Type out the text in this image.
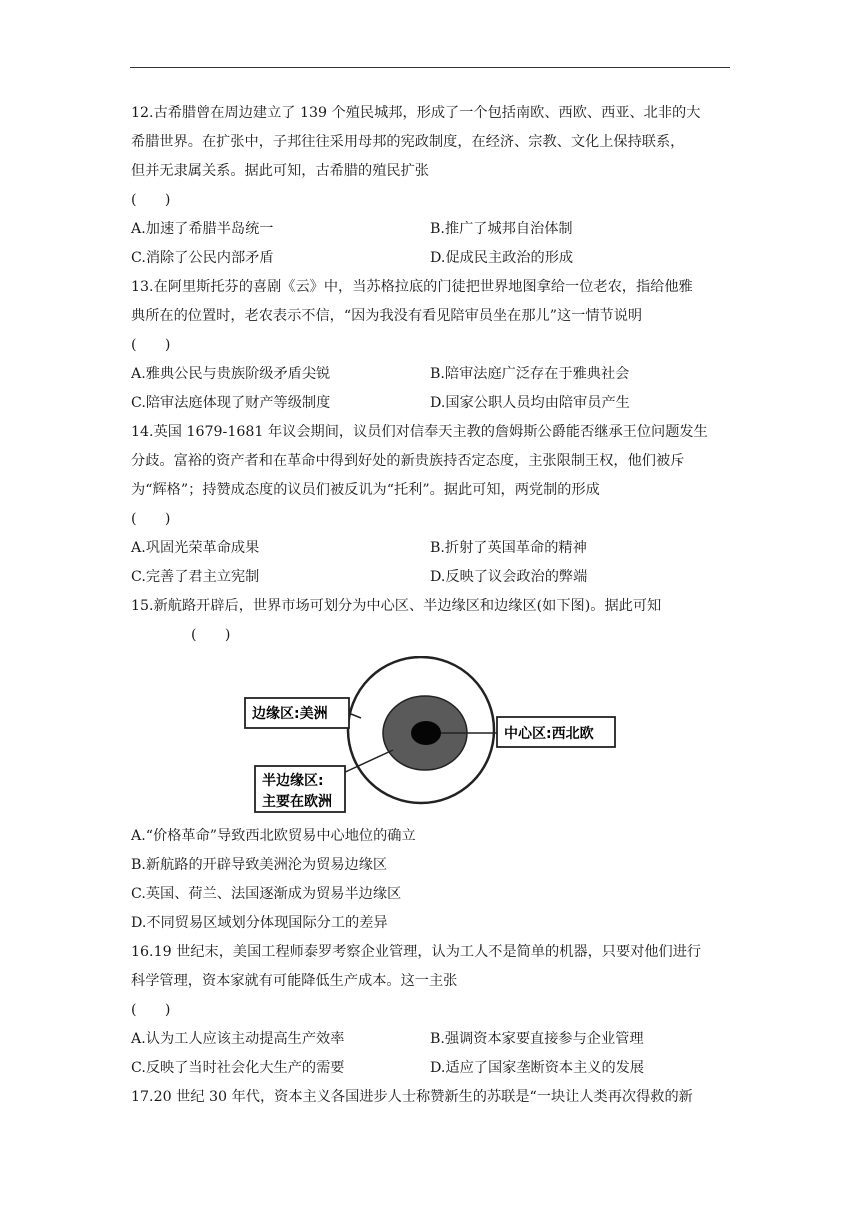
12.古希腊曾在周边建立了 139 个殖民城邦，形成了一个包括南欧、西欧、西亚、北非的大
希腊世界。在扩张中，子邦往往采用母邦的宪政制度，在经济、宗教、文化上保持联系，
但并无隶属关系。据此可知，古希腊的殖民扩张
(　　)
A.加速了希腊半岛统一	B.推广了城邦自治体制
C.消除了公民内部矛盾	D.促成民主政治的形成
13.在阿里斯托芬的喜剧《云》中，当苏格拉底的门徒把世界地图拿给一位老农，指给他雅
典所在的位置时，老农表示不信，“因为我没有看见陪审员坐在那儿”这一情节说明
(　　)
A.雅典公民与贵族阶级矛盾尖锐	B.陪审法庭广泛存在于雅典社会
C.陪审法庭体现了财产等级制度	D.国家公职人员均由陪审员产生
14.英国 1679-1681 年议会期间，议员们对信奉天主教的詹姆斯公爵能否继承王位问题发生
分歧。富裕的资产者和在革命中得到好处的新贵族持否定态度，主张限制王权，他们被斥
为“辉格”；持赞成态度的议员们被反讥为“托利”。据此可知，两党制的形成
(　　)
A.巩固光荣革命成果	B.折射了英国革命的精神
C.完善了君主立宪制	D.反映了议会政治的弊端
15.新航路开辟后，世界市场可划分为中心区、半边缘区和边缘区(如下图)。据此可知
(　　)
边缘区:美洲
中心区:西北欧
半边缘区:
主要在欧洲
A.“价格革命”导致西北欧贸易中心地位的确立
B.新航路的开辟导致美洲沦为贸易边缘区
C.英国、荷兰、法国逐渐成为贸易半边缘区
D.不同贸易区域划分体现国际分工的差异
16.19 世纪末，美国工程师泰罗考察企业管理，认为工人不是简单的机器，只要对他们进行
科学管理，资本家就有可能降低生产成本。这一主张
(　　)
A.认为工人应该主动提高生产效率	B.强调资本家要直接参与企业管理
C.反映了当时社会化大生产的需要	D.适应了国家垄断资本主义的发展
17.20 世纪 30 年代，资本主义各国进步人士称赞新生的苏联是“一块让人类再次得救的新
